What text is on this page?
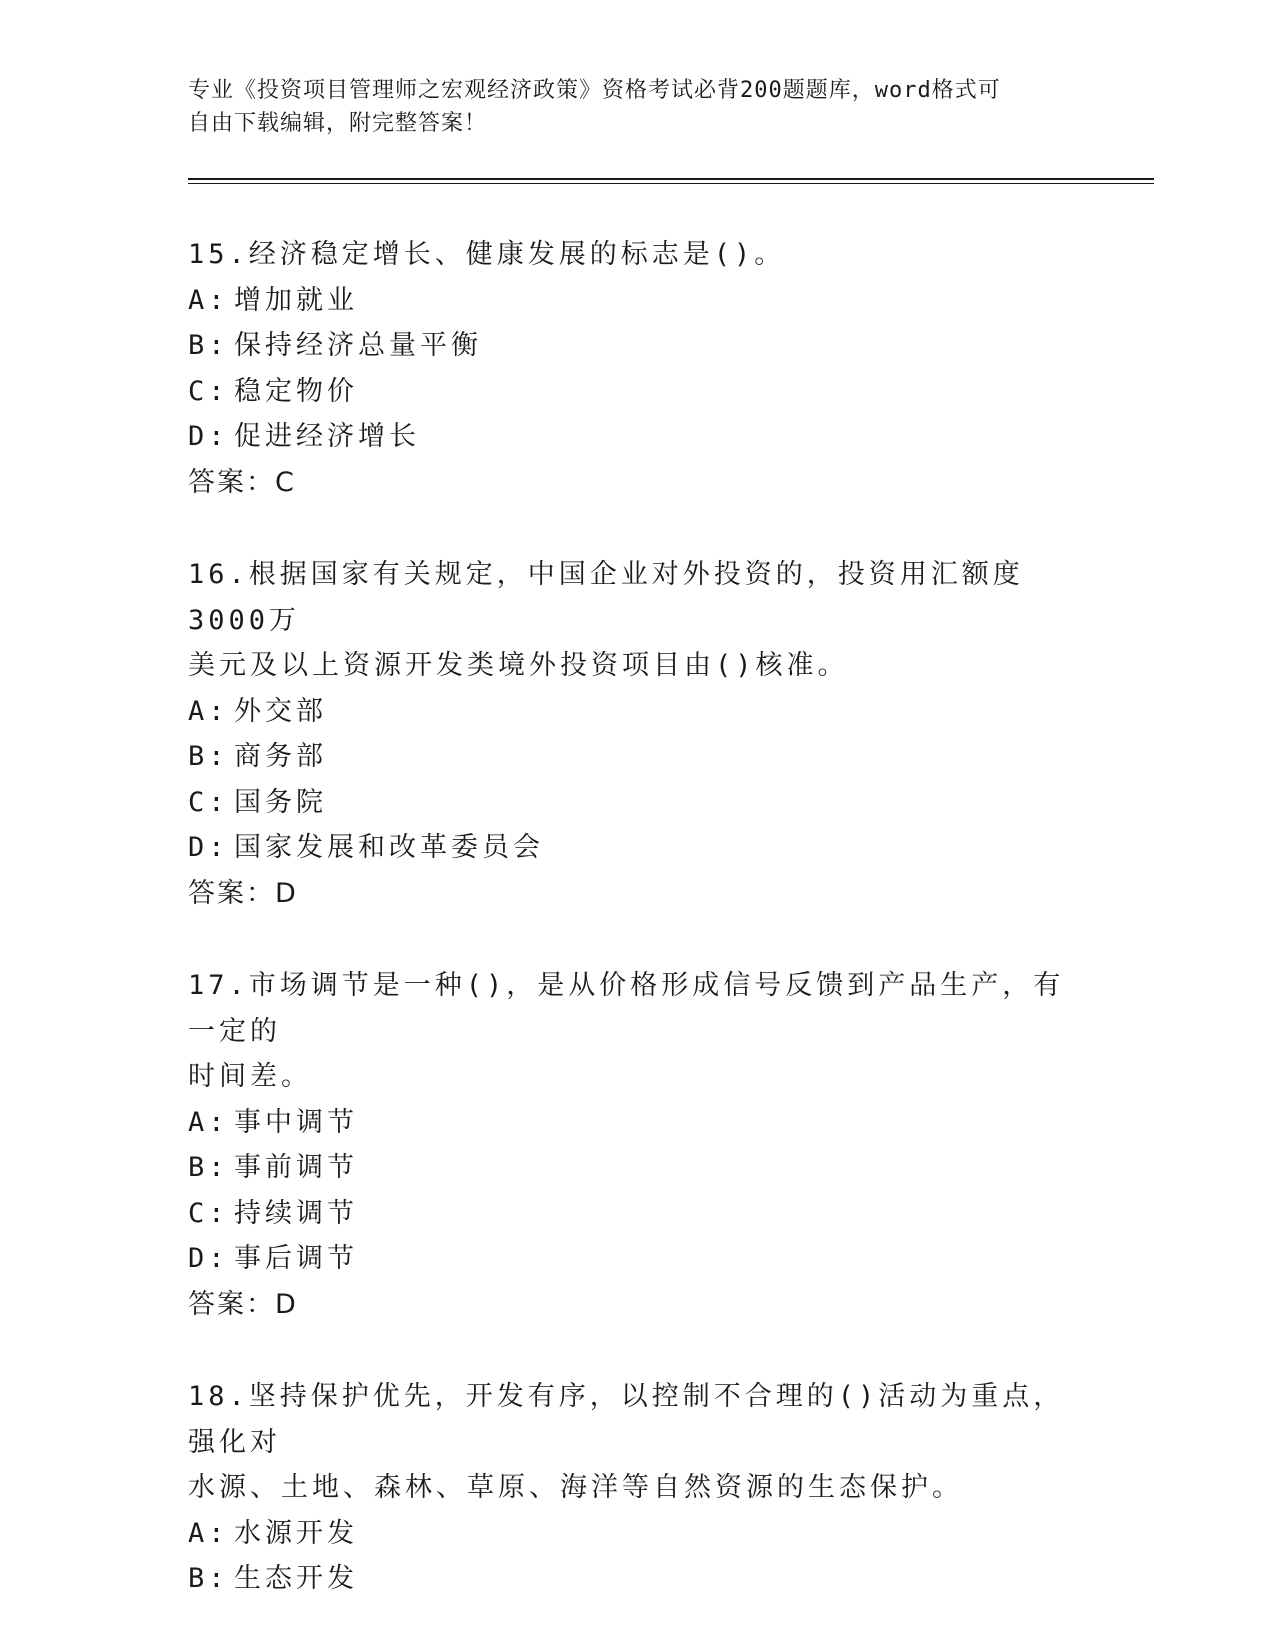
专业《投资项目管理师之宏观经济政策》资格考试必背200题题库，word格式可
自由下载编辑，附完整答案！
15.经济稳定增长、健康发展的标志是()。
A: 增加就业
B: 保持经济总量平衡
C: 稳定物价
D: 促进经济增长
答案：C
16.根据国家有关规定，中国企业对外投资的，投资用汇额度3000万
美元及以上资源开发类境外投资项目由()核准。
A: 外交部
B: 商务部
C: 国务院
D: 国家发展和改革委员会
答案：D
17.市场调节是一种()，是从价格形成信号反馈到产品生产，有一定的
时间差。
A: 事中调节
B: 事前调节
C: 持续调节
D: 事后调节
答案：D
18.坚持保护优先，开发有序，以控制不合理的()活动为重点，强化对
水源、土地、森林、草原、海洋等自然资源的生态保护。
A: 水源开发
B: 生态开发
